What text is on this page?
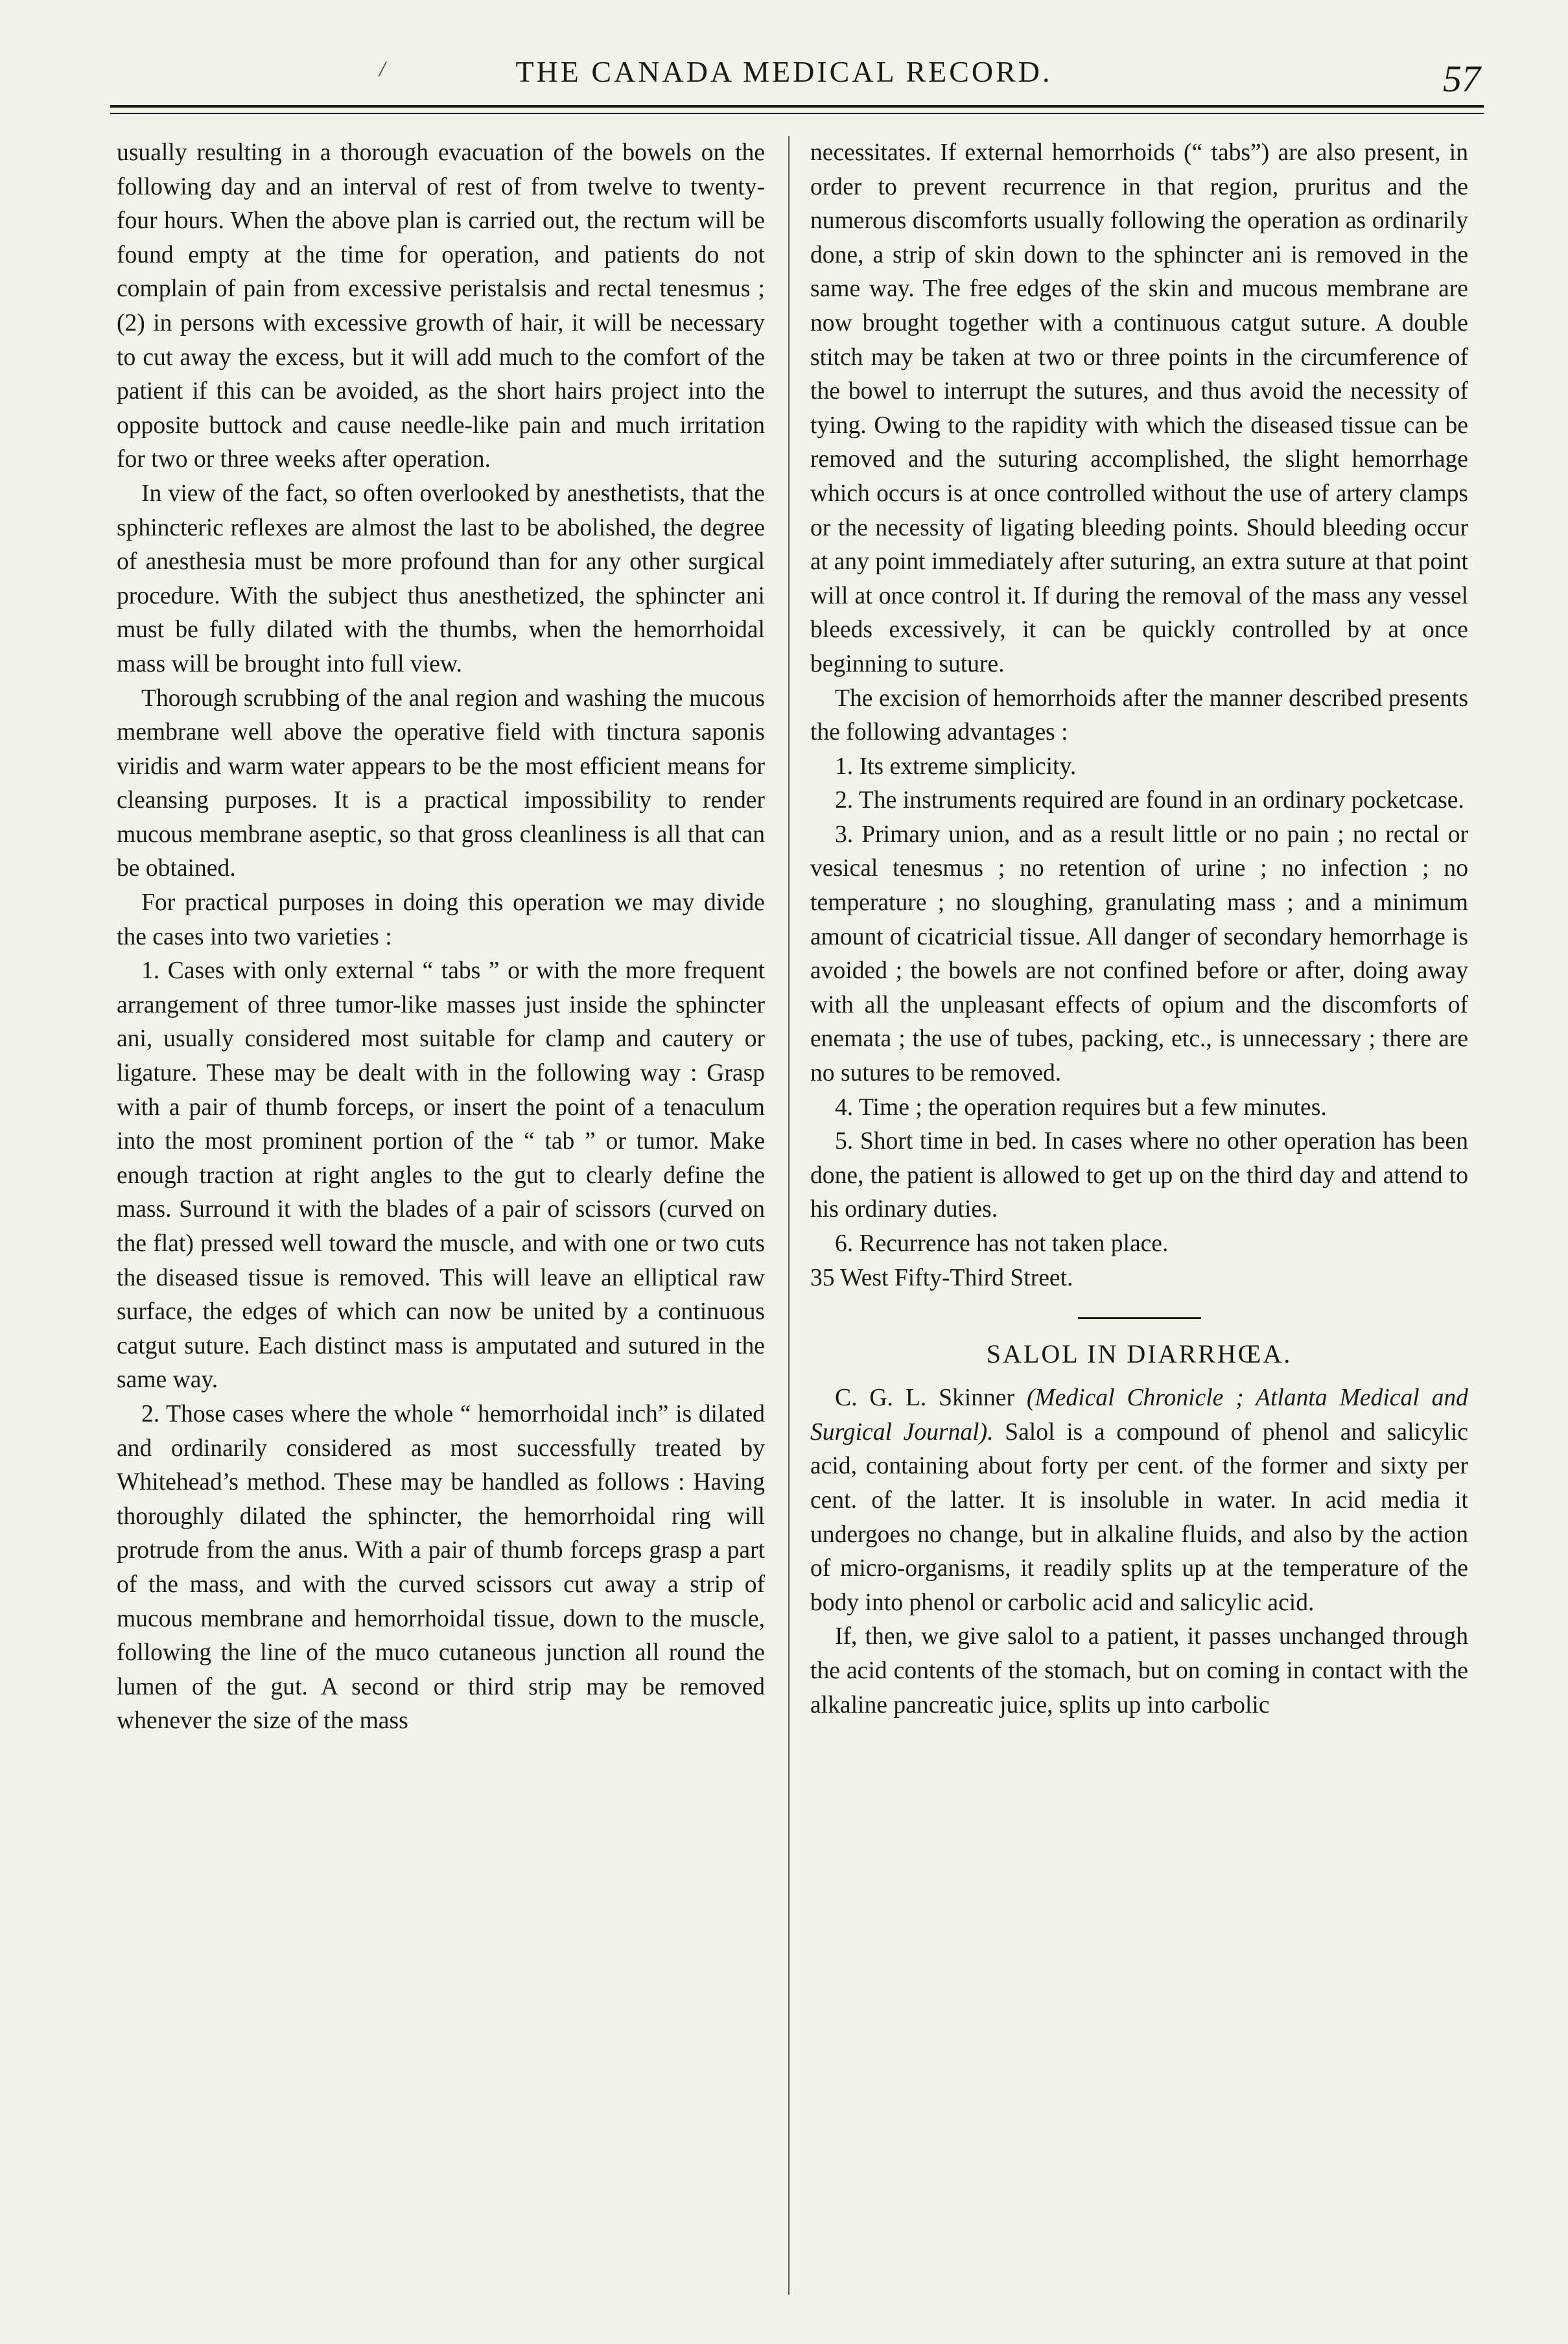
/	THE CANADA MEDICAL RECORD.	57

usually resulting in a thorough evacuation of the bowels on the following day and an interval of rest of from twelve to twenty-four hours. When the above plan is carried out, the rectum will be found empty at the time for operation, and patients do not complain of pain from excessive peristalsis and rectal tenesmus ; (2) in persons with excessive growth of hair, it will be necessary to cut away the excess, but it will add much to the comfort of the patient if this can be avoided, as the short hairs project into the opposite buttock and cause needle-like pain and much irritation for two or three weeks after operation.

In view of the fact, so often overlooked by anesthetists, that the sphincteric reflexes are almost the last to be abolished, the degree of anesthesia must be more profound than for any other surgical procedure. With the subject thus anesthetized, the sphincter ani must be fully dilated with the thumbs, when the hemorrhoidal mass will be brought into full view.

Thorough scrubbing of the anal region and washing the mucous membrane well above the operative field with tinctura saponis viridis and warm water appears to be the most efficient means for cleansing purposes. It is a practical impossibility to render mucous membrane aseptic, so that gross cleanliness is all that can be obtained.

For practical purposes in doing this operation we may divide the cases into two varieties :

1. Cases with only external “ tabs ” or with the more frequent arrangement of three tumor-like masses just inside the sphincter ani, usually considered most suitable for clamp and cautery or ligature. These may be dealt with in the following way : Grasp with a pair of thumb forceps, or insert the point of a tenaculum into the most prominent portion of the “ tab ” or tumor. Make enough traction at right angles to the gut to clearly define the mass. Surround it with the blades of a pair of scissors (curved on the flat) pressed well toward the muscle, and with one or two cuts the diseased tissue is removed. This will leave an elliptical raw surface, the edges of which can now be united by a continuous catgut suture. Each distinct mass is amputated and sutured in the same way.

2. Those cases where the whole “ hemorrhoidal inch” is dilated and ordinarily considered as most successfully treated by Whitehead’s method. These may be handled as follows : Having thoroughly dilated the sphincter, the hemorrhoidal ring will protrude from the anus. With a pair of thumb forceps grasp a part of the mass, and with the curved scissors cut away a strip of mucous membrane and hemorrhoidal tissue, down to the muscle, following the line of the muco cutaneous junction all round the lumen of the gut. A second or third strip may be removed whenever the size of the mass

necessitates. If external hemorrhoids (“ tabs”) are also present, in order to prevent recurrence in that region, pruritus and the numerous discomforts usually following the operation as ordinarily done, a strip of skin down to the sphincter ani is removed in the same way. The free edges of the skin and mucous membrane are now brought together with a continuous catgut suture. A double stitch may be taken at two or three points in the circumference of the bowel to interrupt the sutures, and thus avoid the necessity of tying. Owing to the rapidity with which the diseased tissue can be removed and the suturing accomplished, the slight hemorrhage which occurs is at once controlled without the use of artery clamps or the necessity of ligating bleeding points. Should bleeding occur at any point immediately after suturing, an extra suture at that point will at once control it. If during the removal of the mass any vessel bleeds excessively, it can be quickly controlled by at once beginning to suture.

The excision of hemorrhoids after the manner described presents the following advantages :

1. Its extreme simplicity.

2. The instruments required are found in an ordinary pocketcase.

3. Primary union, and as a result little or no pain ; no rectal or vesical tenesmus ; no retention of urine ; no infection ; no temperature ; no sloughing, granulating mass ; and a minimum amount of cicatricial tissue. All danger of secondary hemorrhage is avoided ; the bowels are not confined before or after, doing away with all the unpleasant effects of opium and the discomforts of enemata ; the use of tubes, packing, etc., is unnecessary ; there are no sutures to be removed.

4. Time ; the operation requires but a few minutes.

5. Short time in bed. In cases where no other operation has been done, the patient is allowed to get up on the third day and attend to his ordinary duties.

6. Recurrence has not taken place.

35 West Fifty-Third Street.

SALOL IN DIARRHŒA.

C. G. L. Skinner (Medical Chronicle ; Atlanta Medical and Surgical Journal). Salol is a compound of phenol and salicylic acid, containing about forty per cent. of the former and sixty per cent. of the latter. It is insoluble in water. In acid media it undergoes no change, but in alkaline fluids, and also by the action of micro-organisms, it readily splits up at the temperature of the body into phenol or carbolic acid and salicylic acid.

If, then, we give salol to a patient, it passes unchanged through the acid contents of the stomach, but on coming in contact with the alkaline pancreatic juice, splits up into carbolic
